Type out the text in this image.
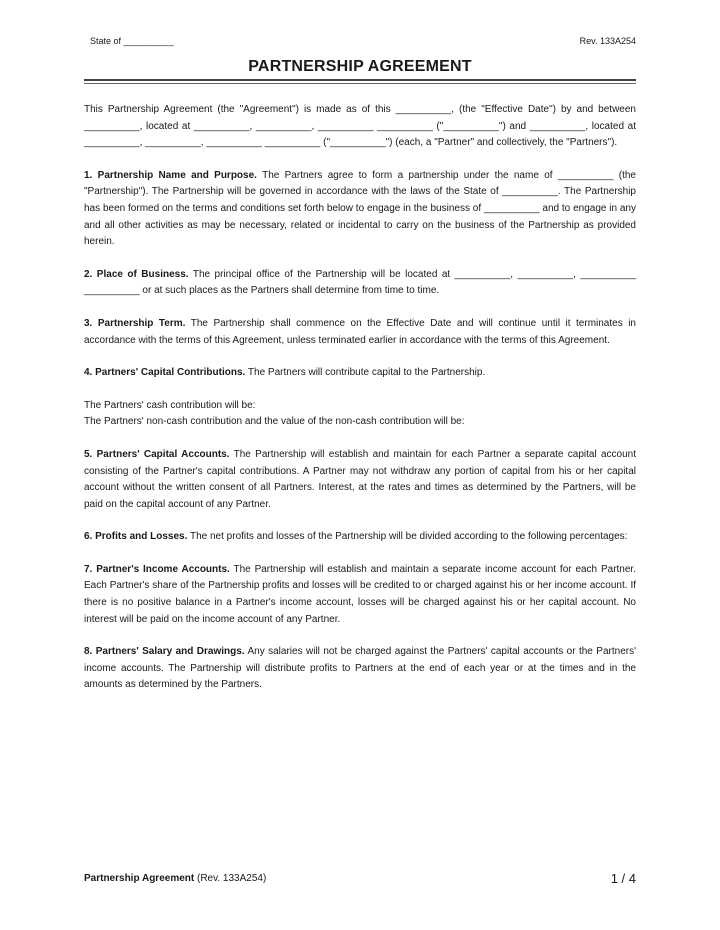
State of __________	Rev. 133A254
PARTNERSHIP AGREEMENT

This Partnership Agreement (the "Agreement") is made as of this __________, (the "Effective Date") by and between __________, located at __________, __________, __________ __________ ("__________") and __________, located at __________, __________, __________ __________ ("__________") (each, a "Partner" and collectively, the "Partners").

1. Partnership Name and Purpose. The Partners agree to form a partnership under the name of __________ (the "Partnership"). The Partnership will be governed in accordance with the laws of the State of __________. The Partnership has been formed on the terms and conditions set forth below to engage in the business of __________ and to engage in any and all other activities as may be necessary, related or incidental to carry on the business of the Partnership as provided herein.

2. Place of Business. The principal office of the Partnership will be located at __________, __________, __________ __________ or at such places as the Partners shall determine from time to time.

3. Partnership Term. The Partnership shall commence on the Effective Date and will continue until it terminates in accordance with the terms of this Agreement, unless terminated earlier in accordance with the terms of this Agreement.

4. Partners' Capital Contributions. The Partners will contribute capital to the Partnership.

The Partners' cash contribution will be:

The Partners' non-cash contribution and the value of the non-cash contribution will be:

5. Partners' Capital Accounts. The Partnership will establish and maintain for each Partner a separate capital account consisting of the Partner's capital contributions. A Partner may not withdraw any portion of capital from his or her capital account without the written consent of all Partners. Interest, at the rates and times as determined by the Partners, will be paid on the capital account of any Partner.

6. Profits and Losses. The net profits and losses of the Partnership will be divided according to the following percentages:

7. Partner's Income Accounts. The Partnership will establish and maintain a separate income account for each Partner. Each Partner's share of the Partnership profits and losses will be credited to or charged against his or her income account. If there is no positive balance in a Partner's income account, losses will be charged against his or her capital account. No interest will be paid on the income account of any Partner.

8. Partners' Salary and Drawings. Any salaries will not be charged against the Partners' capital accounts or the Partners' income accounts. The Partnership will distribute profits to Partners at the end of each year or at the times and in the amounts as determined by the Partners.

Partnership Agreement (Rev. 133A254)	1 / 4
